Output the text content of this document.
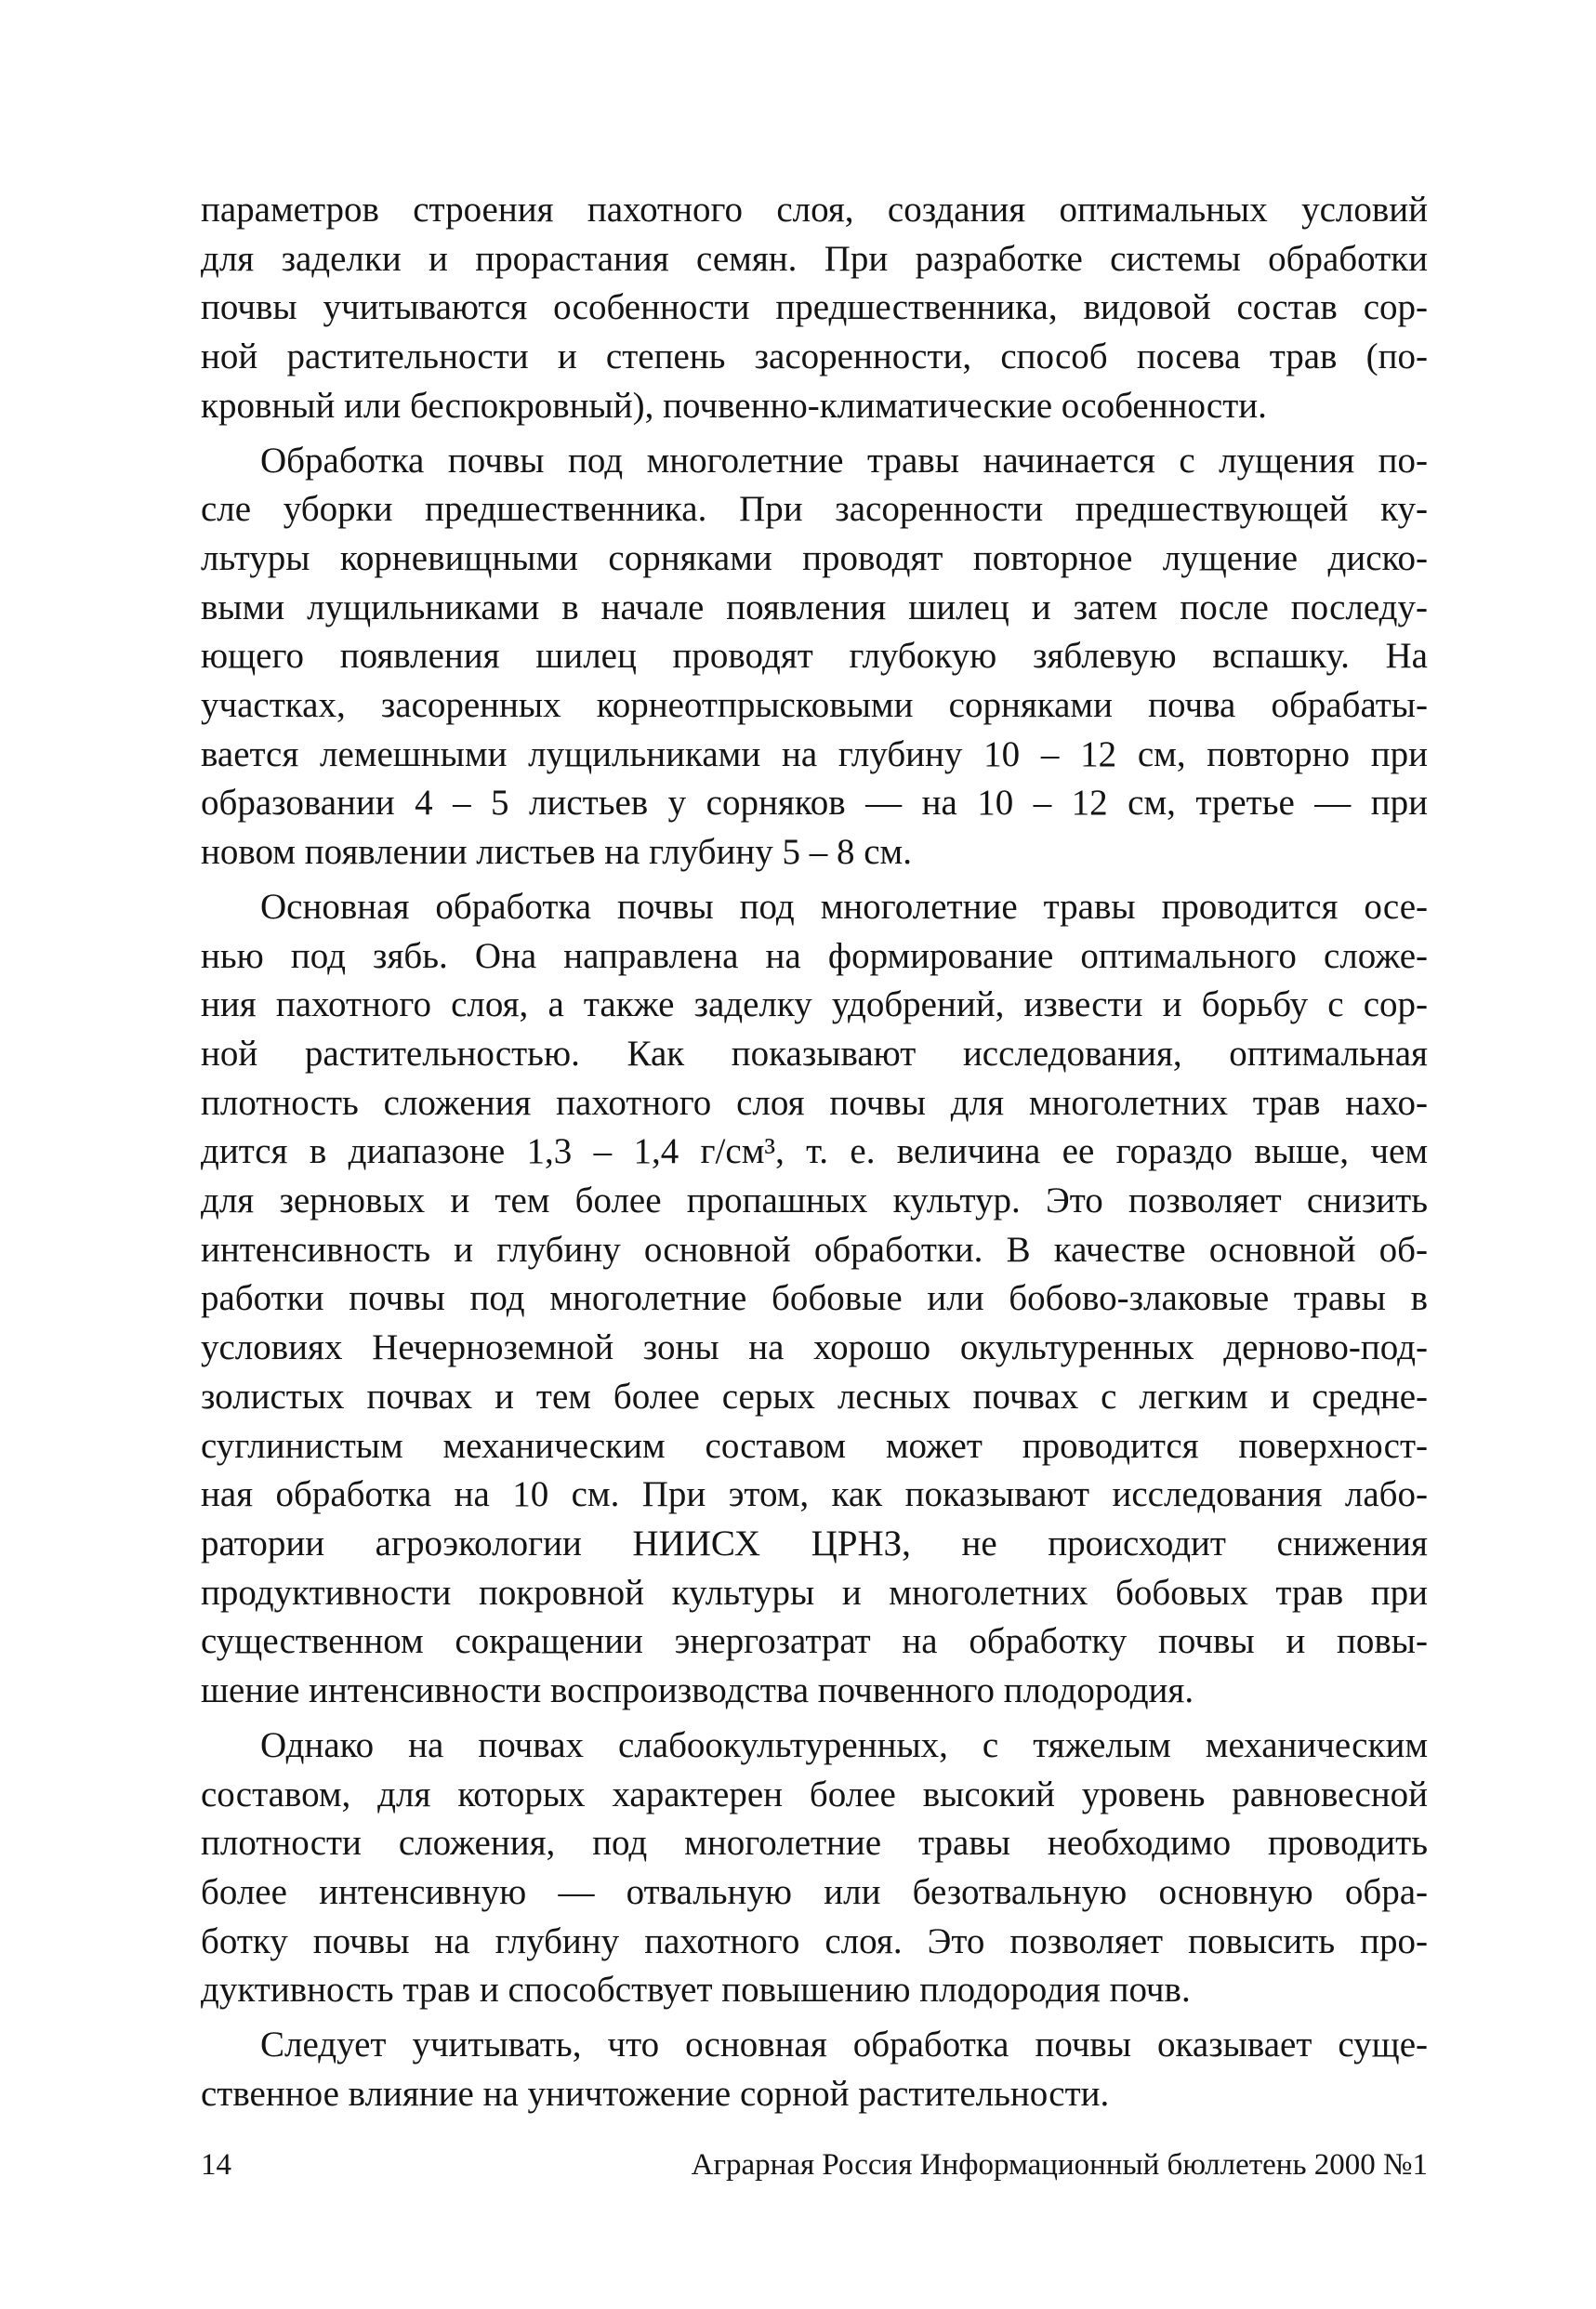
параметров строения пахотного слоя, создания оптимальных условий
для заделки и прорастания семян. При разработке системы обработки
почвы учитываются особенности предшественника, видовой состав сор-
ной растительности и степень засоренности, способ посева трав (по-
кровный или беспокровный), почвенно-климатические особенности.

Обработка почвы под многолетние травы начинается с лущения по-
сле уборки предшественника. При засоренности предшествующей ку-
льтуры корневищными сорняками проводят повторное лущение диско-
выми лущильниками в начале появления шилец и затем после последу-
ющего появления шилец проводят глубокую зяблевую вспашку. На
участках, засоренных корнеотпрысковыми сорняками почва обрабаты-
вается лемешными лущильниками на глубину 10 – 12 см, повторно при
образовании 4 – 5 листьев у сорняков — на 10 – 12 см, третье — при
новом появлении листьев на глубину 5 – 8 см.

Основная обработка почвы под многолетние травы проводится осе-
нью под зябь. Она направлена на формирование оптимального сложе-
ния пахотного слоя, а также заделку удобрений, извести и борьбу с сор-
ной растительностью. Как показывают исследования, оптимальная
плотность сложения пахотного слоя почвы для многолетних трав нахо-
дится в диапазоне 1,3 – 1,4 г/см³, т. е. величина ее гораздо выше, чем
для зерновых и тем более пропашных культур. Это позволяет снизить
интенсивность и глубину основной обработки. В качестве основной об-
работки почвы под многолетние бобовые или бобово-злаковые травы в
условиях Нечерноземной зоны на хорошо окультуренных дерново-под-
золистых почвах и тем более серых лесных почвах с легким и средне-
суглинистым механическим составом может проводится поверхност-
ная обработка на 10 см. При этом, как показывают исследования лабо-
ратории агроэкологии НИИСХ ЦРНЗ, не происходит снижения
продуктивности покровной культуры и многолетних бобовых трав при
существенном сокращении энергозатрат на обработку почвы и повы-
шение интенсивности воспроизводства почвенного плодородия.

Однако на почвах слабоокультуренных, с тяжелым механическим
составом, для которых характерен более высокий уровень равновесной
плотности сложения, под многолетние травы необходимо проводить
более интенсивную — отвальную или безотвальную основную обра-
ботку почвы на глубину пахотного слоя. Это позволяет повысить про-
дуктивность трав и способствует повышению плодородия почв.

Следует учитывать, что основная обработка почвы оказывает суще-
ственное влияние на уничтожение сорной растительности.

14	Аграрная Россия Информационный бюллетень 2000 №1
